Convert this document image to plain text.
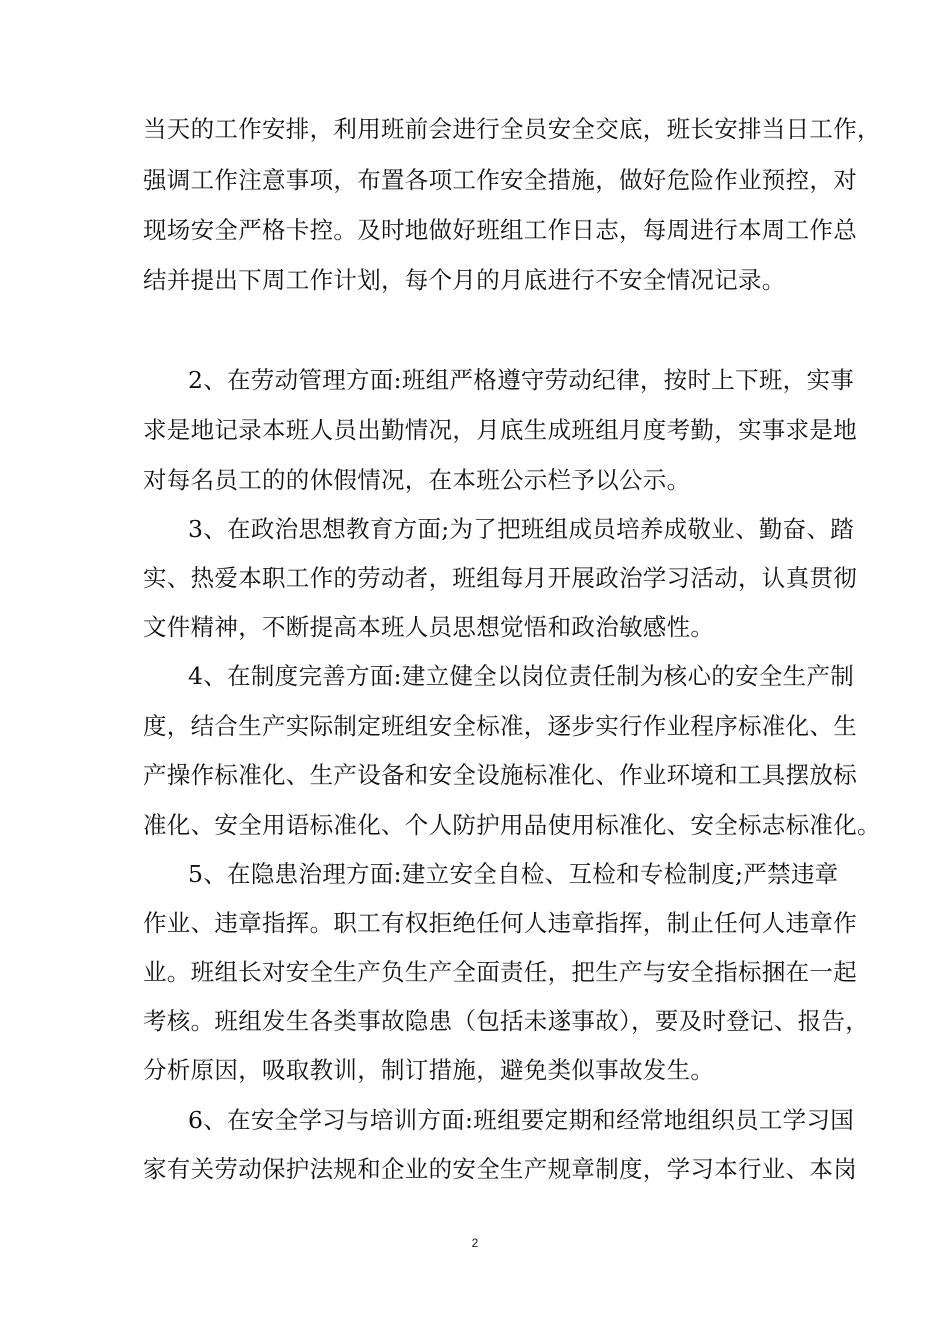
当天的工作安排，利用班前会进行全员安全交底，班长安排当日工作，
强调工作注意事项，布置各项工作安全措施，做好危险作业预控，对
现场安全严格卡控。及时地做好班组工作日志，每周进行本周工作总
结并提出下周工作计划，每个月的月底进行不安全情况记录。
2、在劳动管理方面:班组严格遵守劳动纪律，按时上下班，实事
求是地记录本班人员出勤情况，月底生成班组月度考勤，实事求是地
对每名员工的的休假情况，在本班公示栏予以公示。
3、在政治思想教育方面;为了把班组成员培养成敬业、勤奋、踏
实、热爱本职工作的劳动者，班组每月开展政治学习活动，认真贯彻
文件精神，不断提高本班人员思想觉悟和政治敏感性。
4、在制度完善方面:建立健全以岗位责任制为核心的安全生产制
度，结合生产实际制定班组安全标准，逐步实行作业程序标准化、生
产操作标准化、生产设备和安全设施标准化、作业环境和工具摆放标
准化、安全用语标准化、个人防护用品使用标准化、安全标志标准化。
5、在隐患治理方面:建立安全自检、互检和专检制度;严禁违章
作业、违章指挥。职工有权拒绝任何人违章指挥，制止任何人违章作
业。班组长对安全生产负生产全面责任，把生产与安全指标捆在一起
考核。班组发生各类事故隐患（包括未遂事故），要及时登记、报告，
分析原因，吸取教训，制订措施，避免类似事故发生。
6、在安全学习与培训方面:班组要定期和经常地组织员工学习国
家有关劳动保护法规和企业的安全生产规章制度，学习本行业、本岗
2
